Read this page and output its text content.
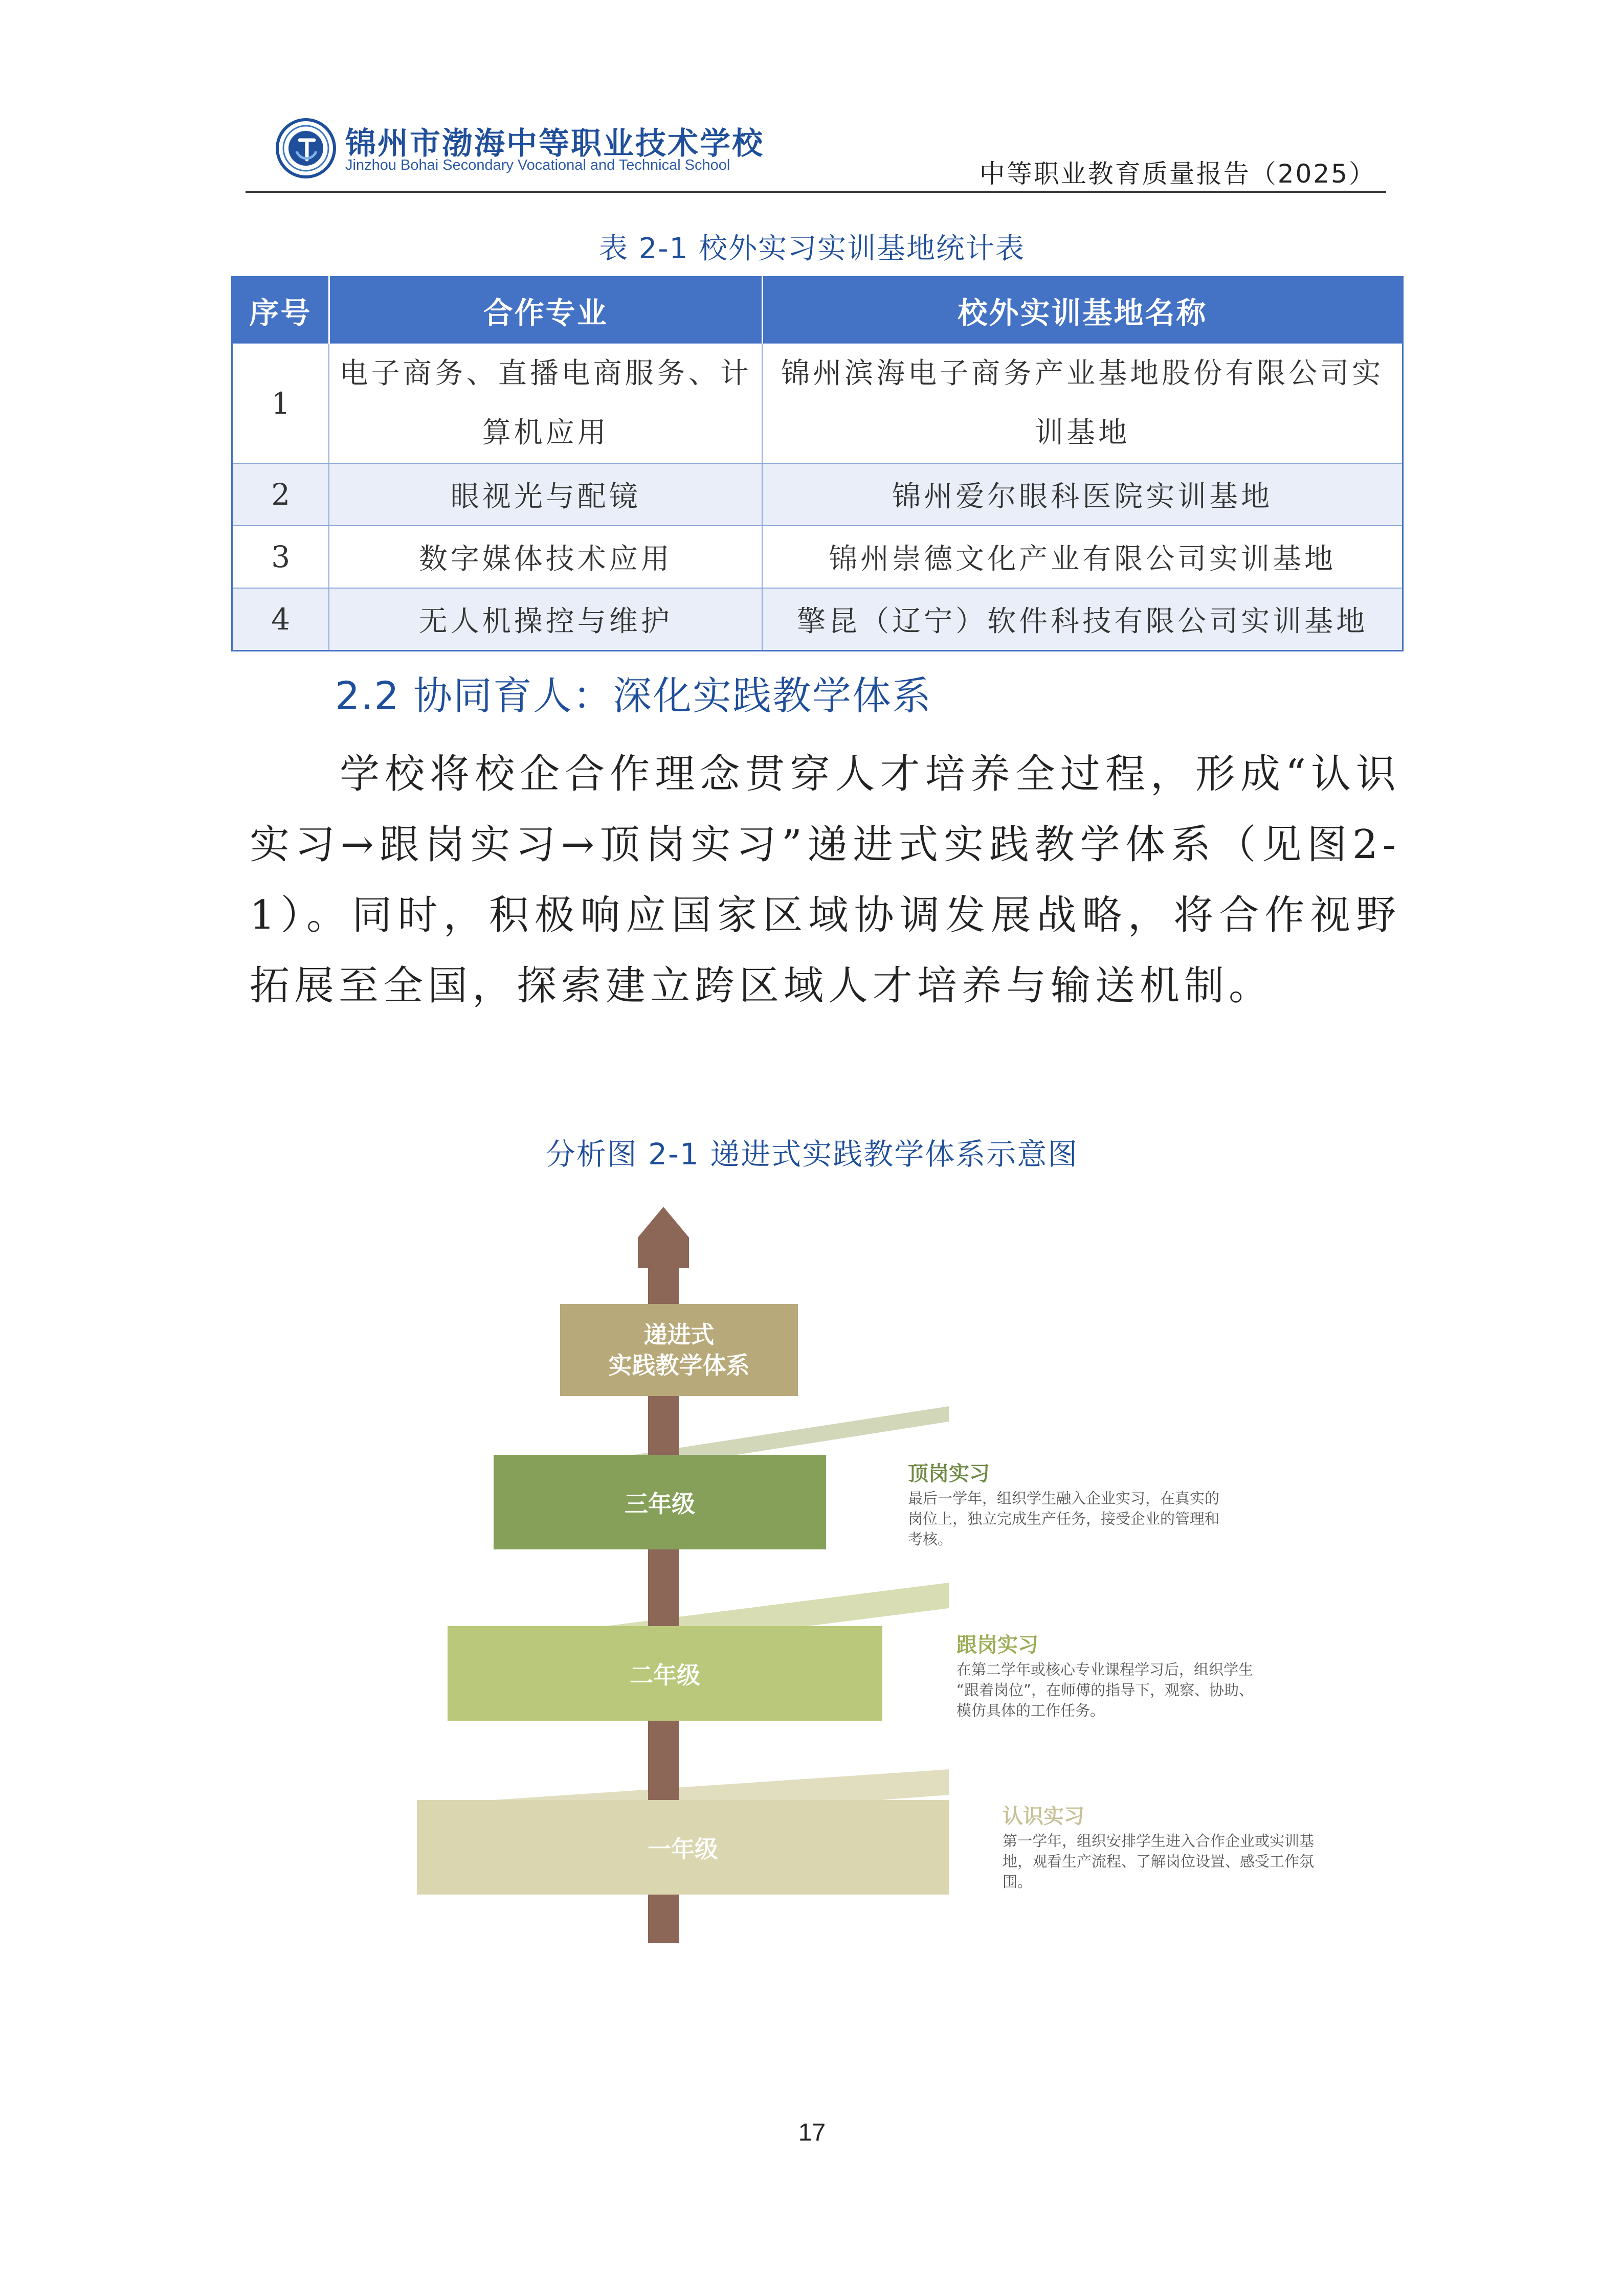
锦州市渤海中等职业技术学校
Jinzhou Bohai Secondary Vocational and Technical School	中等职业教育质量报告（2025）
表 2-1 校外实习实训基地统计表
序号	合作专业	校外实训基地名称
1	电子商务、直播电商服务、计算机应用	锦州滨海电子商务产业基地股份有限公司实训基地
2	眼视光与配镜	锦州爱尔眼科医院实训基地
3	数字媒体技术应用	锦州崇德文化产业有限公司实训基地
4	无人机操控与维护	擎昆（辽宁）软件科技有限公司实训基地
2.2 协同育人：深化实践教学体系
学校将校企合作理念贯穿人才培养全过程，形成“认识实习→跟岗实习→顶岗实习”递进式实践教学体系（见图2-1）。同时，积极响应国家区域协调发展战略，将合作视野拓展至全国，探索建立跨区域人才培养与输送机制。
分析图 2-1 递进式实践教学体系示意图
递进式
实践教学体系
三年级
顶岗实习
最后一学年，组织学生融入企业实习，在真实的
岗位上，独立完成生产任务，接受企业的管理和
考核。
二年级
跟岗实习
在第二学年或核心专业课程学习后，组织学生
“跟着岗位”，在师傅的指导下，观察、协助、
模仿具体的工作任务。
一年级
认识实习
第一学年，组织安排学生进入合作企业或实训基
地，观看生产流程、了解岗位设置、感受工作氛
围。
17
